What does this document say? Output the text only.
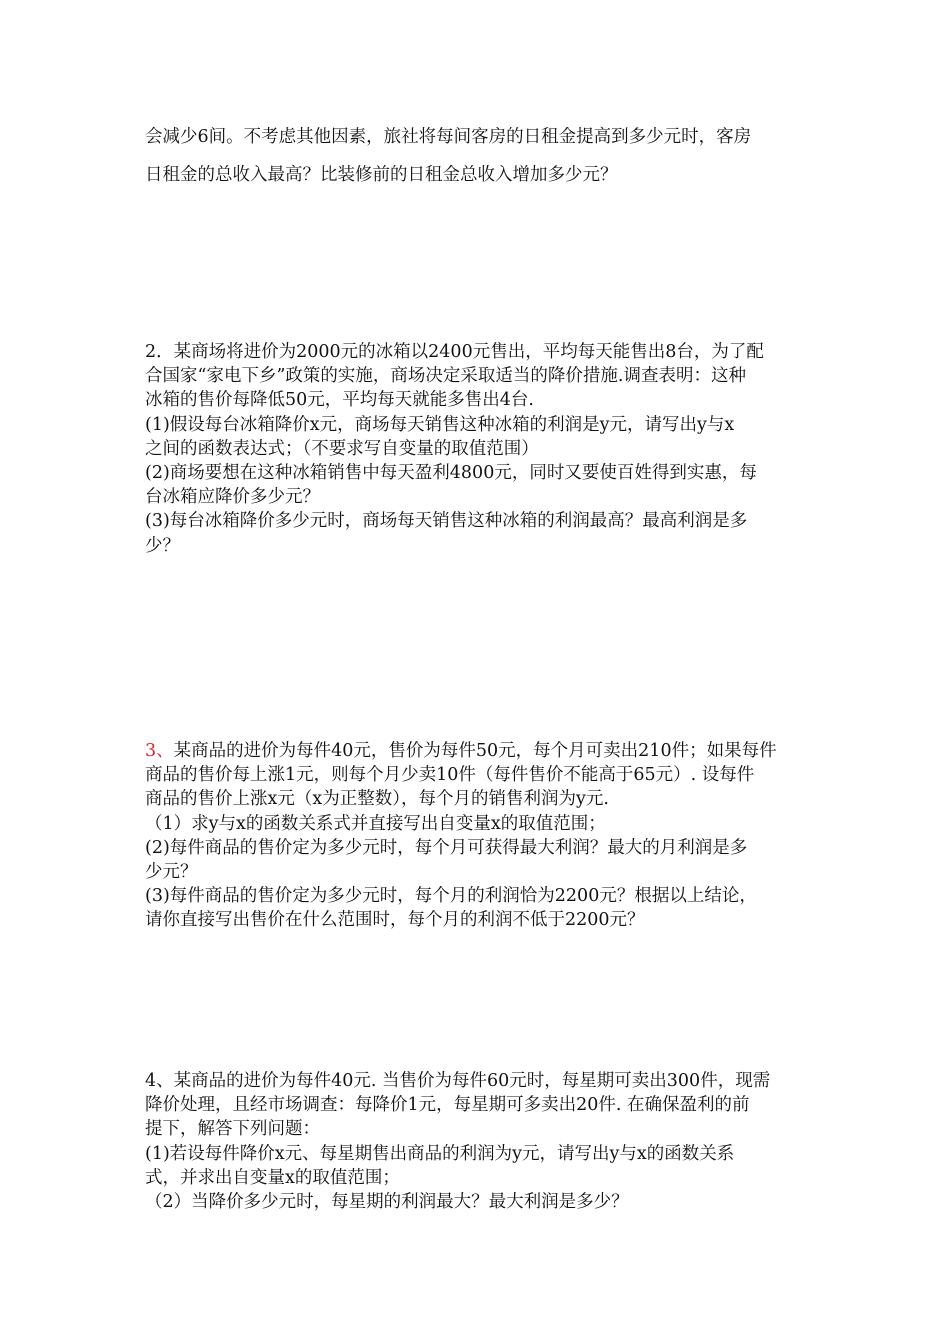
会减少6间。不考虑其他因素，旅社将每间客房的日租金提高到多少元时，客房

日租金的总收入最高？比装修前的日租金总收入增加多少元？

2．某商场将进价为2000元的冰箱以2400元售出，平均每天能售出8台，为了配

合国家“家电下乡”政策的实施，商场决定采取适当的降价措施.调查表明：这种

冰箱的售价每降低50元，平均每天就能多售出4台.

(1)假设每台冰箱降价x元，商场每天销售这种冰箱的利润是y元，请写出y与x

之间的函数表达式；（不要求写自变量的取值范围）

(2)商场要想在这种冰箱销售中每天盈利4800元，同时又要使百姓得到实惠，每

台冰箱应降价多少元？

(3)每台冰箱降价多少元时，商场每天销售这种冰箱的利润最高？最高利润是多

少？

3、某商品的进价为每件40元，售价为每件50元，每个月可卖出210件；如果每件

商品的售价每上涨1元，则每个月少卖10件（每件售价不能高于65元）. 设每件

商品的售价上涨x元（x为正整数），每个月的销售利润为y元.

（1）求y与x的函数关系式并直接写出自变量x的取值范围；

(2)每件商品的售价定为多少元时，每个月可获得最大利润？最大的月利润是多

少元？

(3)每件商品的售价定为多少元时，每个月的利润恰为2200元？根据以上结论，

请你直接写出售价在什么范围时，每个月的利润不低于2200元？

4、某商品的进价为每件40元. 当售价为每件60元时，每星期可卖出300件，现需

降价处理，且经市场调查：每降价1元，每星期可多卖出20件. 在确保盈利的前

提下，解答下列问题：

(1)若设每件降价x元、每星期售出商品的利润为y元，请写出y与x的函数关系

式，并求出自变量x的取值范围；

（2）当降价多少元时，每星期的利润最大？最大利润是多少？
